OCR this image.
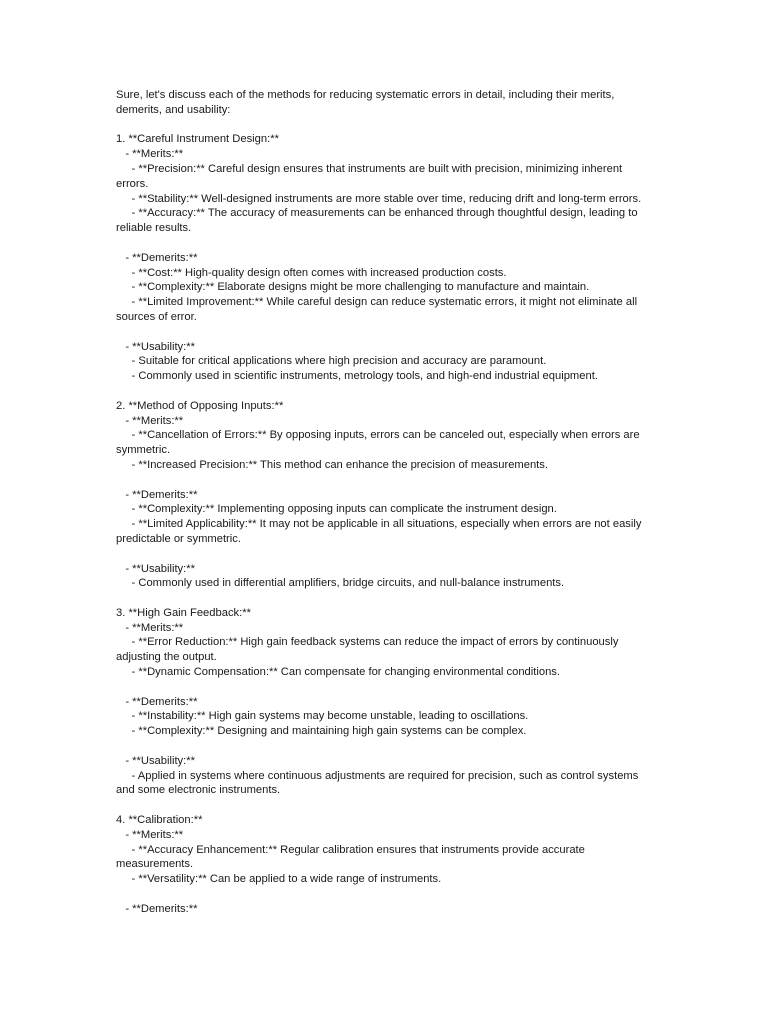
Sure, let's discuss each of the methods for reducing systematic errors in detail, including their merits, demerits, and usability:

1. **Careful Instrument Design:**

- **Merits:**

- **Precision:** Careful design ensures that instruments are built with precision, minimizing inherent errors.

- **Stability:** Well-designed instruments are more stable over time, reducing drift and long-term errors.

- **Accuracy:** The accuracy of measurements can be enhanced through thoughtful design, leading to reliable results.

- **Demerits:**

- **Cost:** High-quality design often comes with increased production costs.

- **Complexity:** Elaborate designs might be more challenging to manufacture and maintain.

- **Limited Improvement:** While careful design can reduce systematic errors, it might not eliminate all sources of error.

- **Usability:**

- Suitable for critical applications where high precision and accuracy are paramount.

- Commonly used in scientific instruments, metrology tools, and high-end industrial equipment.

2. **Method of Opposing Inputs:**

- **Merits:**

- **Cancellation of Errors:** By opposing inputs, errors can be canceled out, especially when errors are symmetric.

- **Increased Precision:** This method can enhance the precision of measurements.

- **Demerits:**

- **Complexity:** Implementing opposing inputs can complicate the instrument design.

- **Limited Applicability:** It may not be applicable in all situations, especially when errors are not easily predictable or symmetric.

- **Usability:**

- Commonly used in differential amplifiers, bridge circuits, and null-balance instruments.

3. **High Gain Feedback:**

- **Merits:**

- **Error Reduction:** High gain feedback systems can reduce the impact of errors by continuously adjusting the output.

- **Dynamic Compensation:** Can compensate for changing environmental conditions.

- **Demerits:**

- **Instability:** High gain systems may become unstable, leading to oscillations.

- **Complexity:** Designing and maintaining high gain systems can be complex.

- **Usability:**

- Applied in systems where continuous adjustments are required for precision, such as control systems and some electronic instruments.

4. **Calibration:**

- **Merits:**

- **Accuracy Enhancement:** Regular calibration ensures that instruments provide accurate measurements.

- **Versatility:** Can be applied to a wide range of instruments.

- **Demerits:**
